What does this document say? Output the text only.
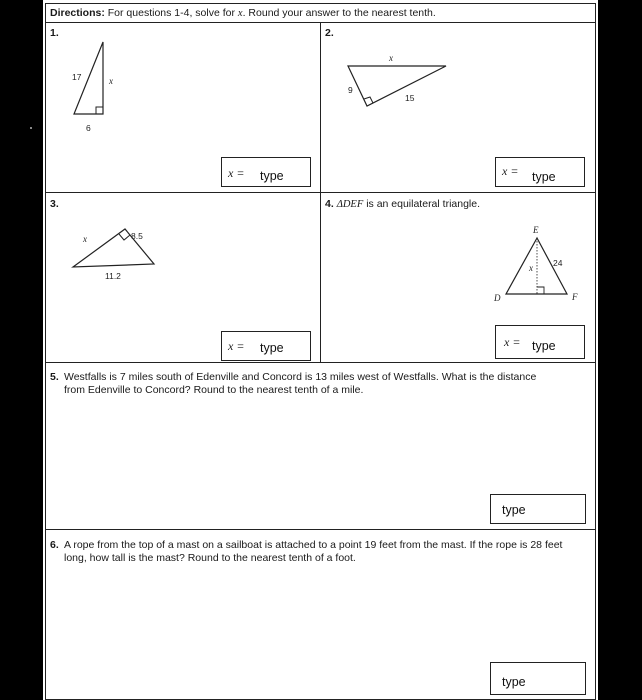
Directions: For questions 1-4, solve for x. Round your answer to the nearest tenth.
1.
17	x
6
x = type
2.
x
9
15
x = type
3.
x	8.5
11.2
x = type
4. ΔDEF is an equilateral triangle.
E
D	F
24
x
x = type
5. Westfalls is 7 miles south of Edenville and Concord is 13 miles west of Westfalls. What is the distance from Edenville to Concord? Round to the nearest tenth of a mile.
type
6. A rope from the top of a mast on a sailboat is attached to a point 19 feet from the mast. If the rope is 28 feet long, how tall is the mast? Round to the nearest tenth of a foot.
type
